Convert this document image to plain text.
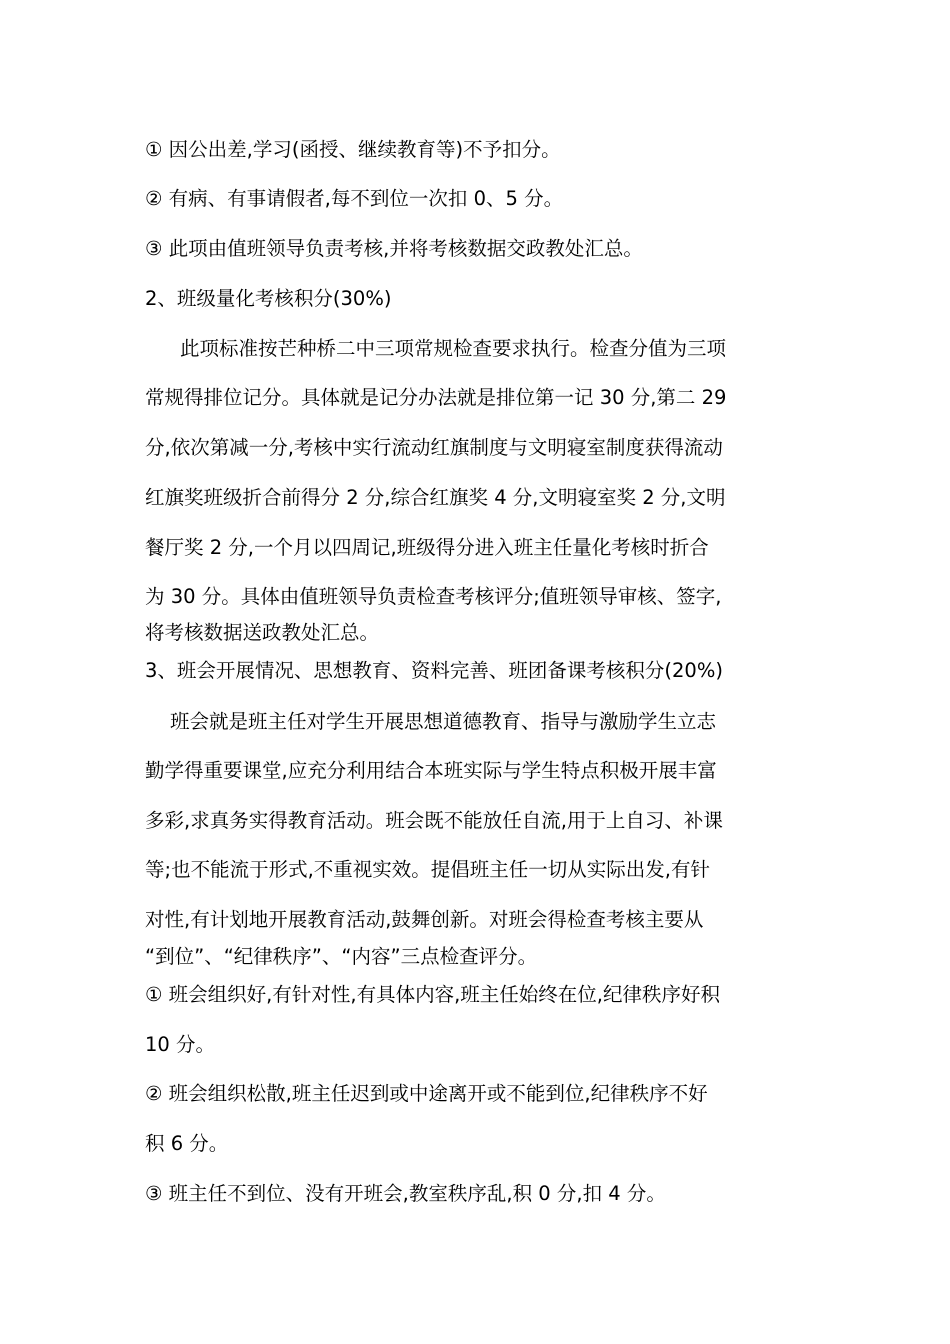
① 因公出差,学习(函授、继续教育等)不予扣分。
② 有病、有事请假者,每不到位一次扣 0、5 分。
③ 此项由值班领导负责考核,并将考核数据交政教处汇总。
2、班级量化考核积分(30%)
此项标准按芒种桥二中三项常规检查要求执行。检查分值为三项
常规得排位记分。具体就是记分办法就是排位第一记 30 分,第二 29
分,依次第减一分,考核中实行流动红旗制度与文明寝室制度获得流动
红旗奖班级折合前得分 2 分,综合红旗奖 4 分,文明寝室奖 2 分,文明
餐厅奖 2 分,一个月以四周记,班级得分进入班主任量化考核时折合
为 30 分。具体由值班领导负责检查考核评分;值班领导审核、签字,
将考核数据送政教处汇总。
3、班会开展情况、思想教育、资料完善、班团备课考核积分(20%)
班会就是班主任对学生开展思想道德教育、指导与激励学生立志
勤学得重要课堂,应充分利用结合本班实际与学生特点积极开展丰富
多彩,求真务实得教育活动。班会既不能放任自流,用于上自习、补课
等;也不能流于形式,不重视实效。提倡班主任一切从实际出发,有针
对性,有计划地开展教育活动,鼓舞创新。对班会得检查考核主要从
“到位”、“纪律秩序”、“内容”三点检查评分。
① 班会组织好,有针对性,有具体内容,班主任始终在位,纪律秩序好积
10 分。
② 班会组织松散,班主任迟到或中途离开或不能到位,纪律秩序不好
积 6 分。
③ 班主任不到位、没有开班会,教室秩序乱,积 0 分,扣 4 分。
